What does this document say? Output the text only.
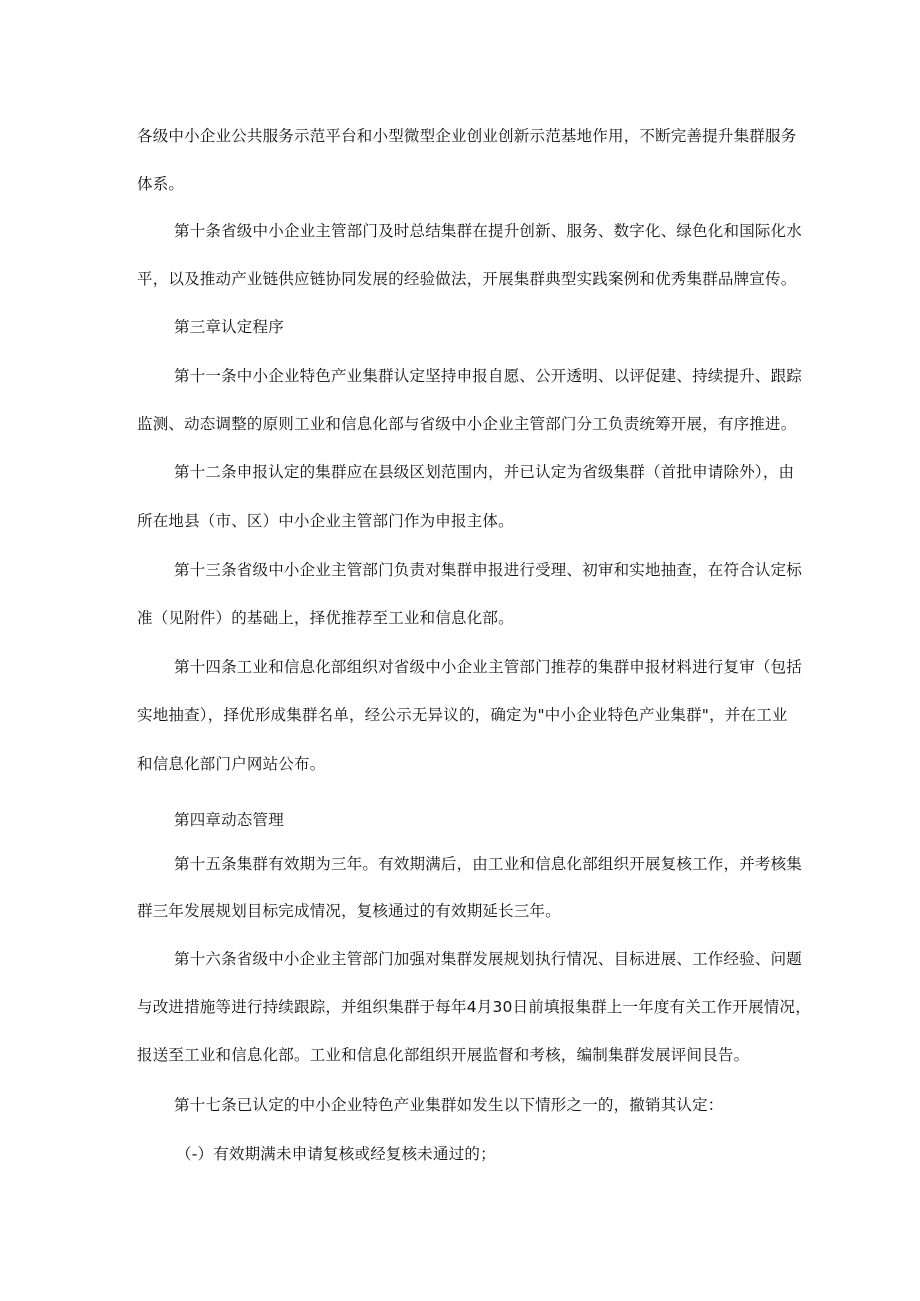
各级中小企业公共服务示范平台和小型微型企业创业创新示范基地作用，不断完善提升集群服务
体系。
第十条省级中小企业主管部门及时总结集群在提升创新、服务、数字化、绿色化和国际化水
平，以及推动产业链供应链协同发展的经验做法，开展集群典型实践案例和优秀集群品牌宣传。
第三章认定程序
第十一条中小企业特色产业集群认定坚持申报自愿、公开透明、以评促建、持续提升、跟踪
监测、动态调整的原则工业和信息化部与省级中小企业主管部门分工负责统筹开展，有序推进。
第十二条申报认定的集群应在县级区划范围内，并已认定为省级集群（首批申请除外），由
所在地县（市、区）中小企业主管部门作为申报主体。
第十三条省级中小企业主管部门负责对集群申报进行受理、初审和实地抽查，在符合认定标
准（见附件）的基础上，择优推荐至工业和信息化部。
第十四条工业和信息化部组织对省级中小企业主管部门推荐的集群申报材料进行复审（包括
实地抽查），择优形成集群名单，经公示无异议的，确定为"中小企业特色产业集群"，并在工业
和信息化部门户网站公布。
第四章动态管理
第十五条集群有效期为三年。有效期满后，由工业和信息化部组织开展复核工作，并考核集
群三年发展规划目标完成情况，复核通过的有效期延长三年。
第十六条省级中小企业主管部门加强对集群发展规划执行情况、目标进展、工作经验、问题
与改进措施等进行持续跟踪，并组织集群于每年4月30日前填报集群上一年度有关工作开展情况，
报送至工业和信息化部。工业和信息化部组织开展监督和考核，编制集群发展评间艮告。
第十七条已认定的中小企业特色产业集群如发生以下情形之一的，撤销其认定：
（-）有效期满未申请复核或经复核未通过的；
